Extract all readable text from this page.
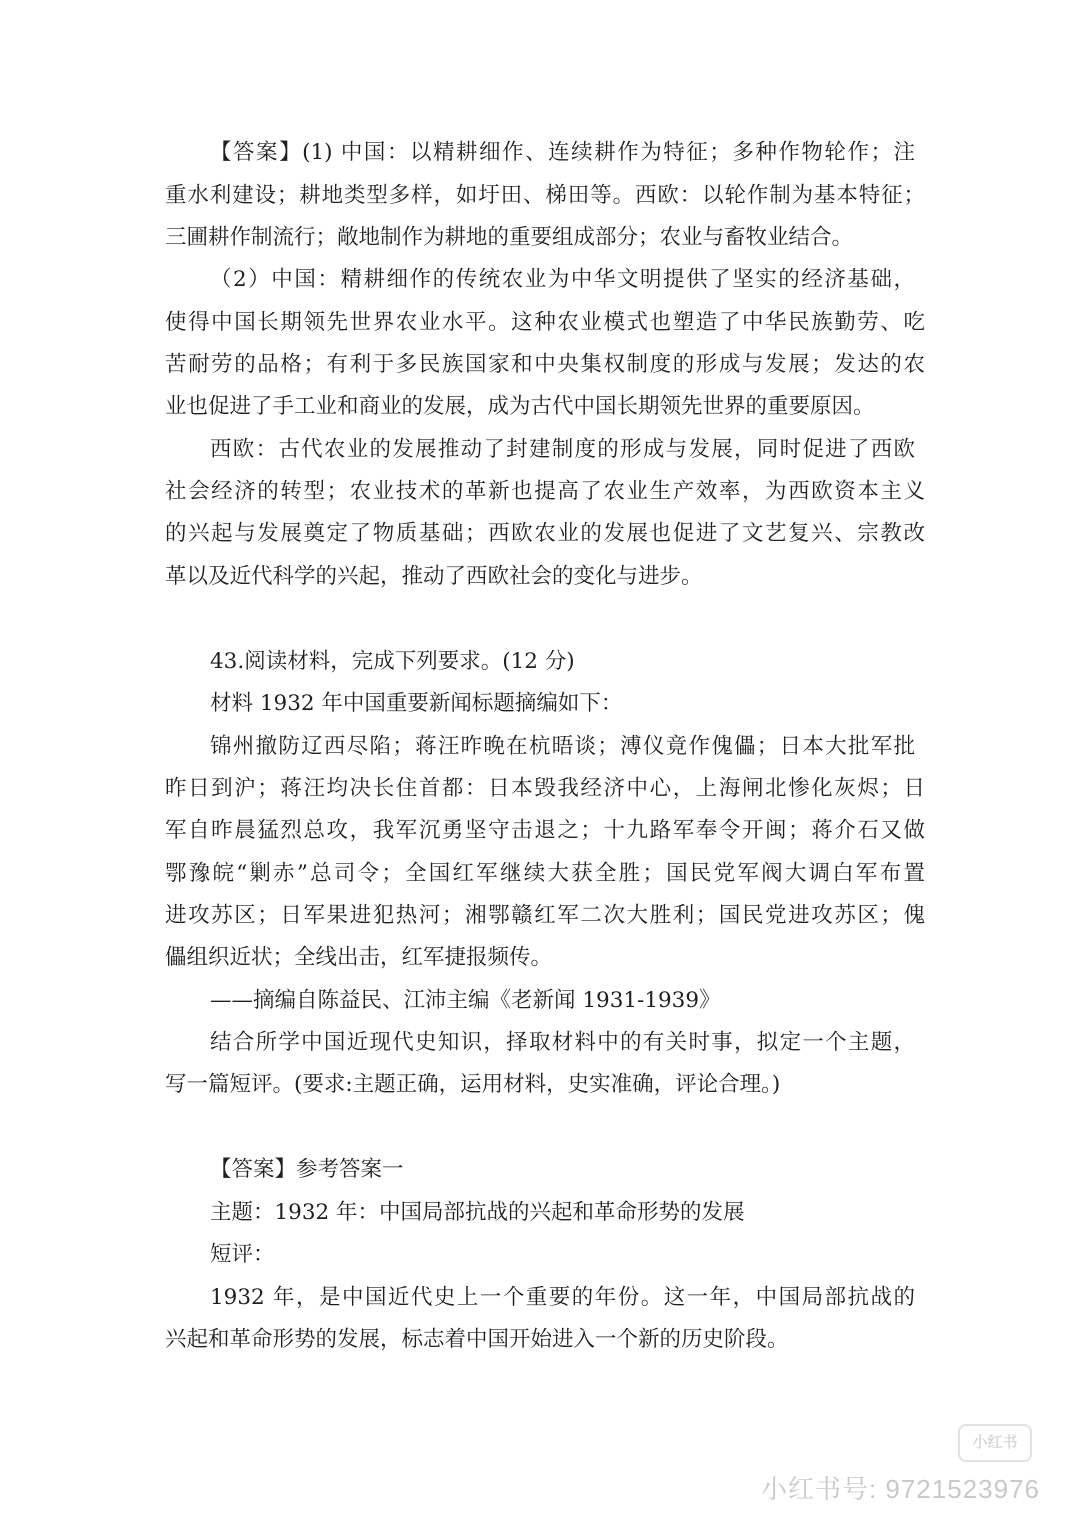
【答案】(1) 中国：以精耕细作、连续耕作为特征；多种作物轮作；注
重水利建设；耕地类型多样，如圩田、梯田等。西欧：以轮作制为基本特征；
三圃耕作制流行；敞地制作为耕地的重要组成部分；农业与畜牧业结合。
（2）中国：精耕细作的传统农业为中华文明提供了坚实的经济基础，
使得中国长期领先世界农业水平。这种农业模式也塑造了中华民族勤劳、吃
苦耐劳的品格；有利于多民族国家和中央集权制度的形成与发展；发达的农
业也促进了手工业和商业的发展，成为古代中国长期领先世界的重要原因。
西欧：古代农业的发展推动了封建制度的形成与发展，同时促进了西欧
社会经济的转型；农业技术的革新也提高了农业生产效率，为西欧资本主义
的兴起与发展奠定了物质基础；西欧农业的发展也促进了文艺复兴、宗教改
革以及近代科学的兴起，推动了西欧社会的变化与进步。
43.阅读材料，完成下列要求。(12 分)
材料 1932 年中国重要新闻标题摘编如下：
锦州撤防辽西尽陷；蒋汪昨晚在杭晤谈；溥仪竟作傀儡；日本大批军批
昨日到沪；蒋汪均决长住首都：日本毁我经济中心，上海闸北惨化灰烬；日
军自昨晨猛烈总攻，我军沉勇坚守击退之；十九路军奉令开闽；蒋介石又做
鄂豫皖“剿赤”总司令；全国红军继续大获全胜；国民党军阀大调白军布置
进攻苏区；日军果进犯热河；湘鄂赣红军二次大胜利；国民党进攻苏区；傀
儡组织近状；全线出击，红军捷报频传。
——摘编自陈益民、江沛主编《老新闻 1931-1939》
结合所学中国近现代史知识，择取材料中的有关时事，拟定一个主题，
写一篇短评。(要求:主题正确，运用材料，史实准确，评论合理。)
【答案】参考答案一
主题：1932 年：中国局部抗战的兴起和革命形势的发展
短评：
1932 年，是中国近代史上一个重要的年份。这一年，中国局部抗战的
兴起和革命形势的发展，标志着中国开始进入一个新的历史阶段。
小红书
小红书号: 9721523976
